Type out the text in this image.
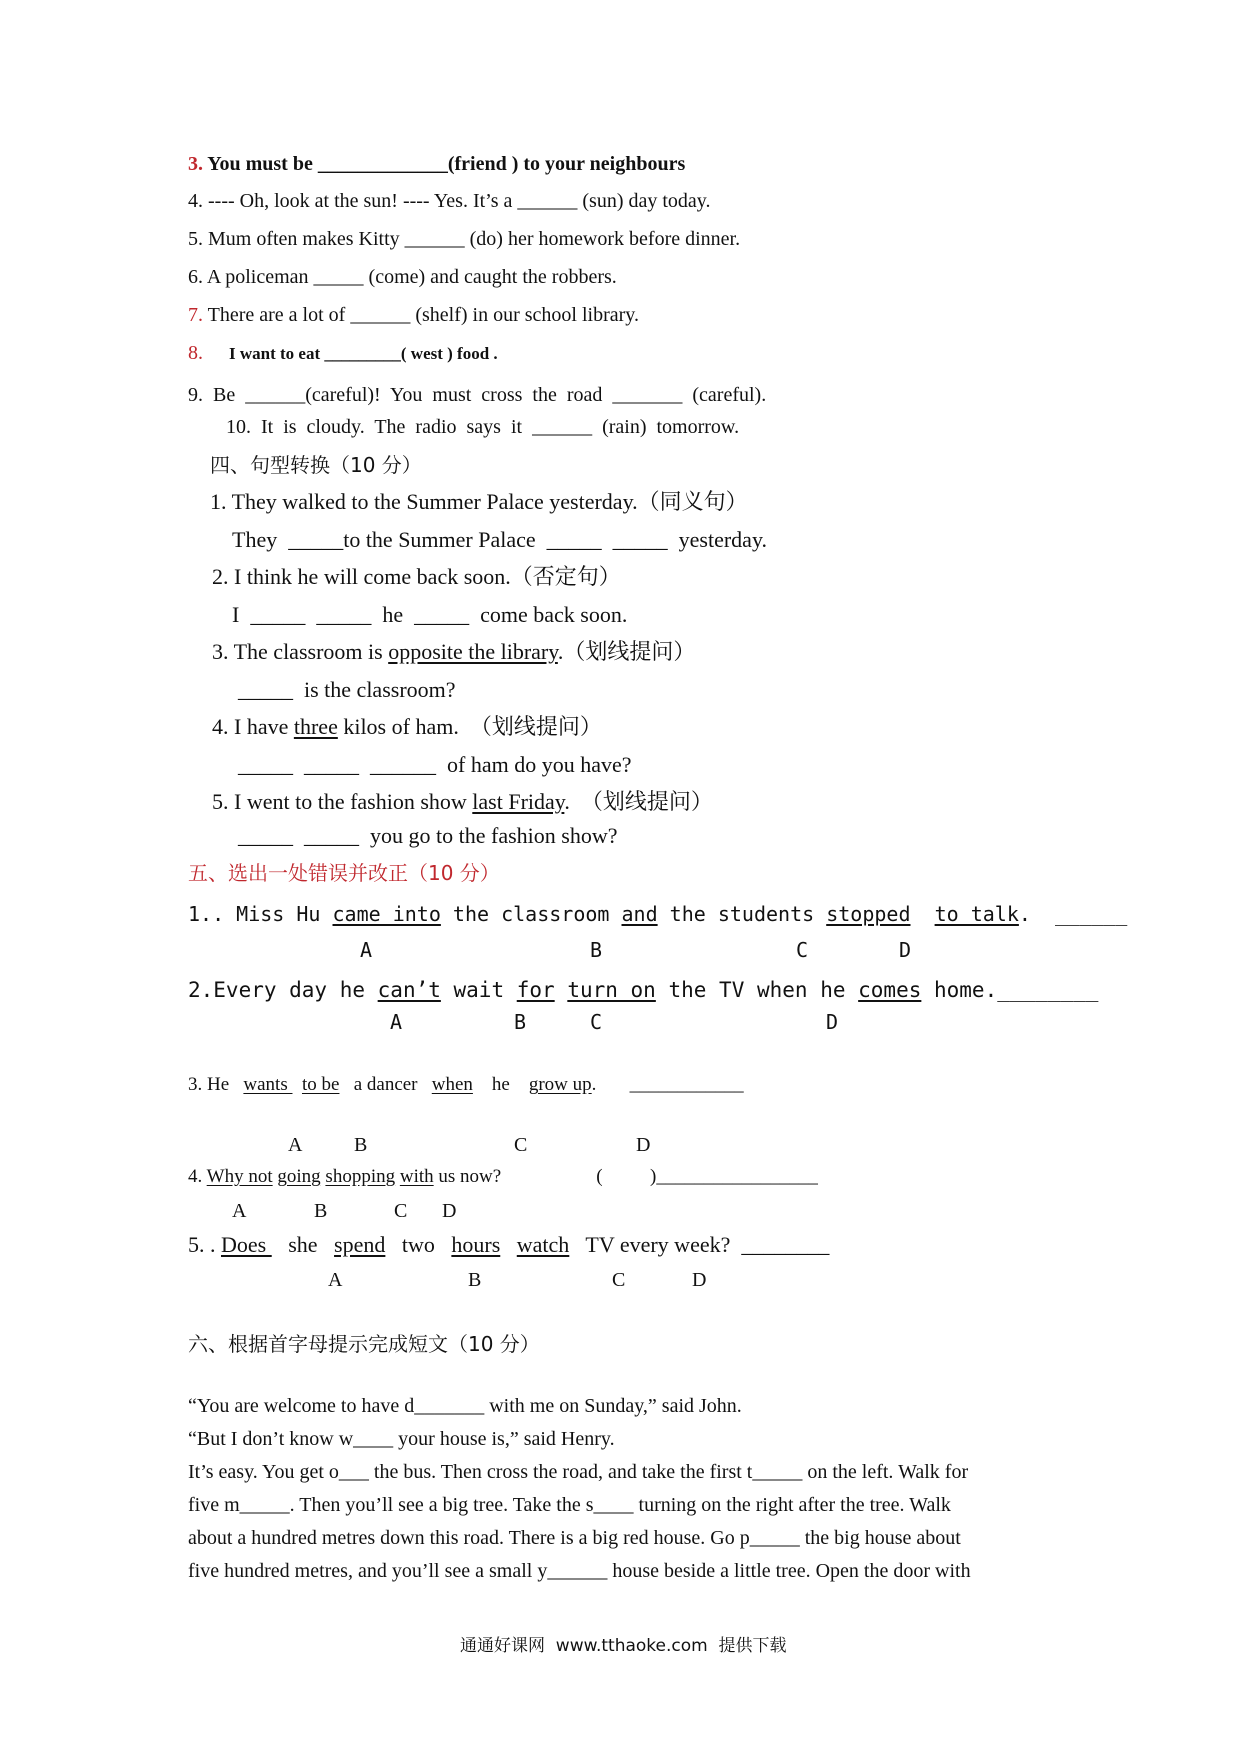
3. You must be _____________(friend ) to your neighbours
4. ---- Oh, look at the sun! ---- Yes. It’s a ______ (sun) day today.
5. Mum often makes Kitty ______ (do) her homework before dinner.
6. A policeman _____ (come) and caught the robbers.
7. There are a lot of ______ (shelf) in our school library.
8. I want to eat _________( west ) food .
9.  Be  ______(careful)!  You  must  cross  the  road  _______  (careful).
10.  It  is  cloudy.  The  radio  says  it  ______  (rain)  tomorrow.
四、句型转换（10 分）
1. They walked to the Summer Palace yesterday.（同义句）
They  _____to the Summer Palace  _____  _____  yesterday.
2. I think he will come back soon.（否定句）
I  _____  _____  he  _____  come back soon.
3. The classroom is opposite the library.（划线提问）
_____  is the classroom?
4. I have three kilos of ham.  （划线提问）
_____  _____  ______  of ham do you have?
5. I went to the fashion show last Friday.  （划线提问）
_____  _____  you go to the fashion show?
五、选出一处错误并改正（10 分）
1.. Miss Hu came into the classroom and the students stopped to talk.  ______
A	B	C	D
2.Every day he can’t wait for turn on the TV when he comes home.________
A	B	C	D
3. He   wants   to be   a dancer   when    he    grow up.       ____________
A	B	C	D
4. Why not going shopping with us now?                    (          )_________________
A	B	C D
5. . Does    she   spend   two   hours watch   TV every week?  ________
A	B	C	D
六、根据首字母提示完成短文（10 分）
“You are welcome to have d_______ with me on Sunday,” said John.
“But I don’t know w____ your house is,” said Henry.
It’s easy. You get o___ the bus. Then cross the road, and take the first t_____ on the left. Walk for
five m_____. Then you’ll see a big tree. Take the s____ turning on the right after the tree. Walk
about a hundred metres down this road. There is a big red house. Go p_____ the big house about
five hundred metres, and you’ll see a small y______ house beside a little tree. Open the door with
通通好课网  www.tthaoke.com  提供下载
